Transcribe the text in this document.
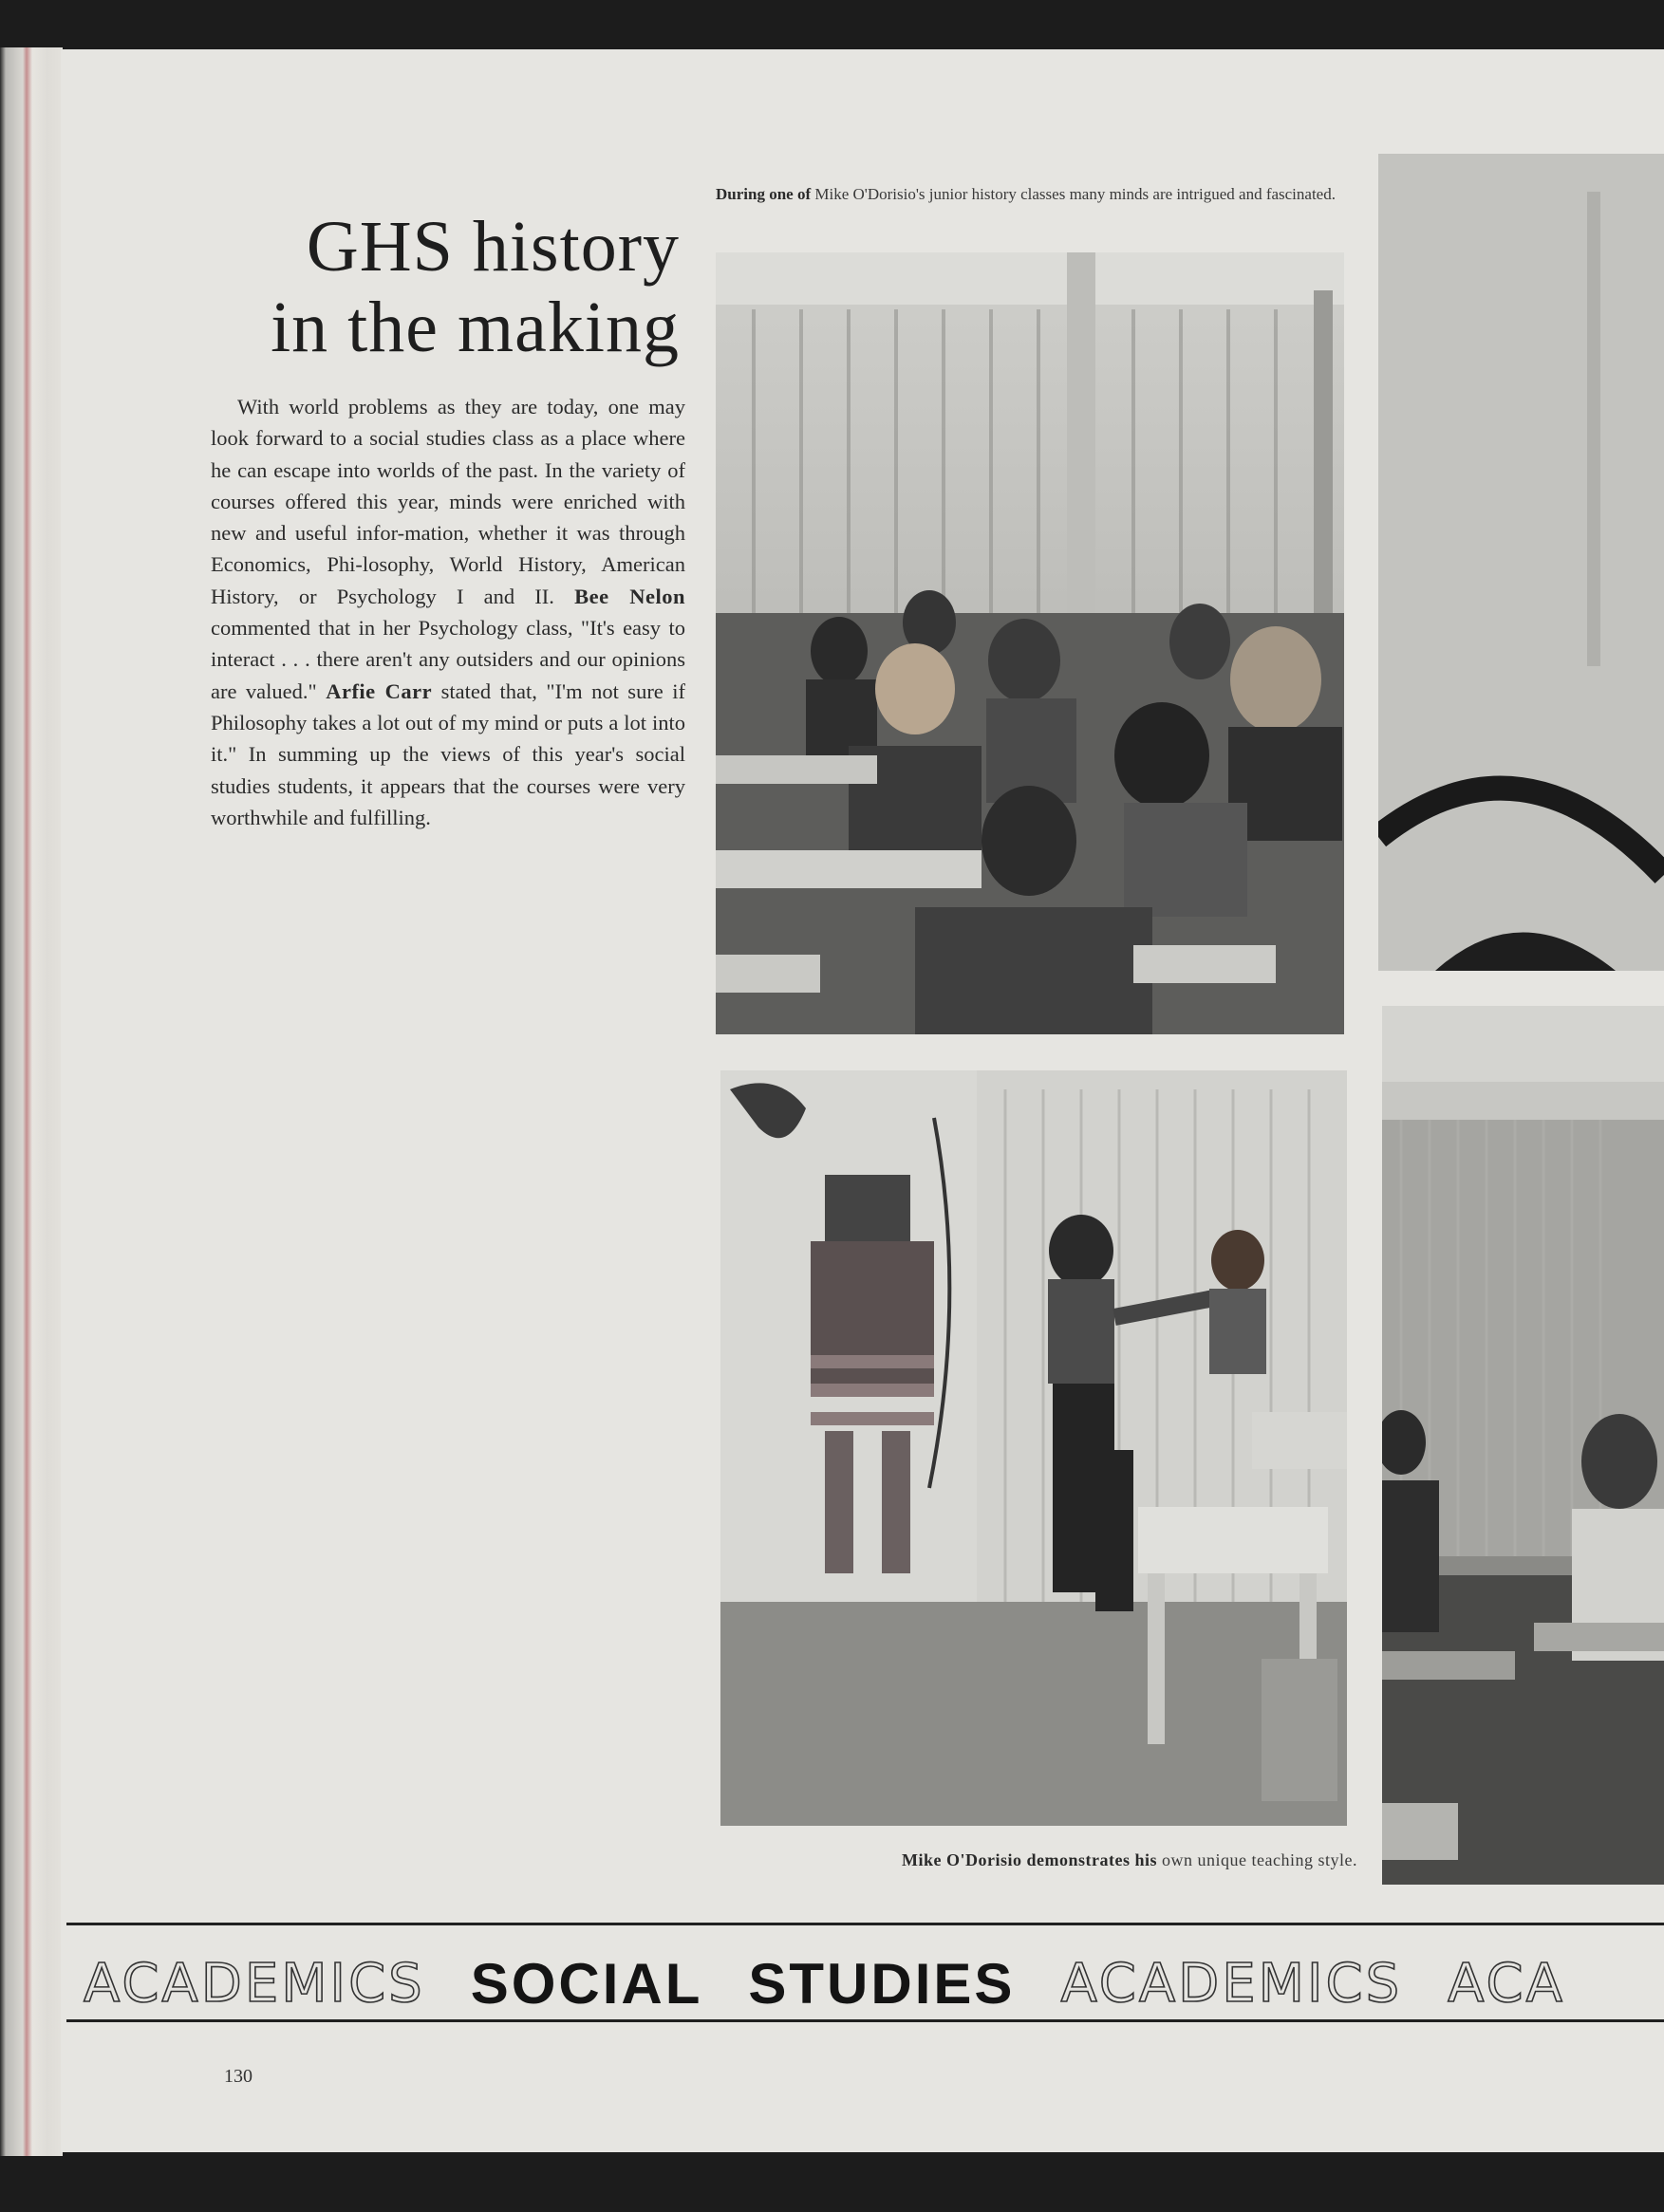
GHS history
in the making

With world problems as they are today, one may look forward to a social studies class as a place where he can escape into worlds of the past. In the variety of courses offered this year, minds were enriched with new and useful infor-mation, whether it was through Economics, Phi-losophy, World History, American History, or Psychology I and II. Bee Nelon commented that in her Psychology class, "It's easy to interact . . . there aren't any outsiders and our opinions are valued." Arfie Carr stated that, "I'm not sure if Philosophy takes a lot out of my mind or puts a lot into it." In summing up the views of this year's social studies students, it appears that the courses were very worthwhile and fulfilling.

During one of Mike O'Dorisio's junior history classes many minds are intrigued and fascinated.
Mike O'Dorisio demonstrates his own unique teaching style.
ACADEMICS SOCIAL STUDIES ACADEMICS ACA
130
